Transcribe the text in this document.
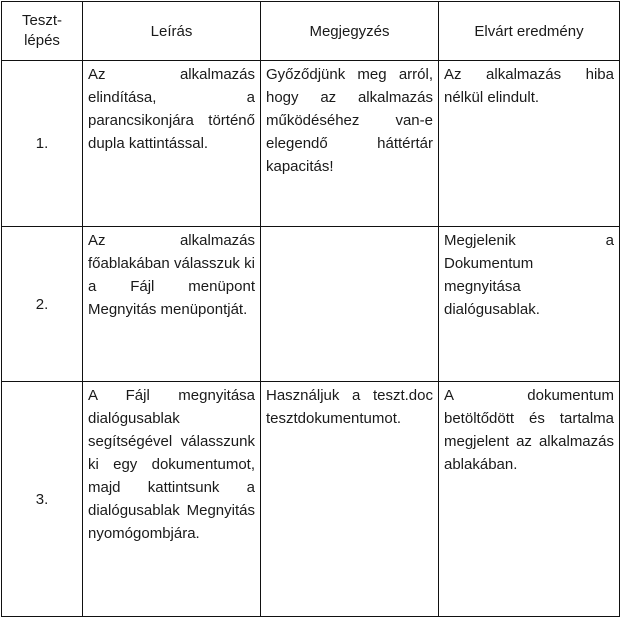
Teszt-
lépés	Leírás	Megjegyzés	Elvárt eredmény
1.	Az alkalmazás elindítása, a parancsikonjára történő dupla kattintással.	Győződjünk meg arról, hogy az alkalmazás működéséhez van-e elegendő háttértár kapacitás!	Az alkalmazás hiba nélkül elindult.
2.	Az alkalmazás főablakában válasszuk ki a Fájl menüpont Megnyitás menüpontját.		Megjelenik a Dokumentum megnyitása dialógusablak.
3.	A Fájl megnyitása dialógusablak segítségével válasszunk ki egy dokumentumot, majd kattintsunk a dialógusablak Megnyitás nyomógombjára.	Használjuk a teszt.doc tesztdokumentumot.	A dokumentum betöltődött és tartalma megjelent az alkalmazás ablakában.
